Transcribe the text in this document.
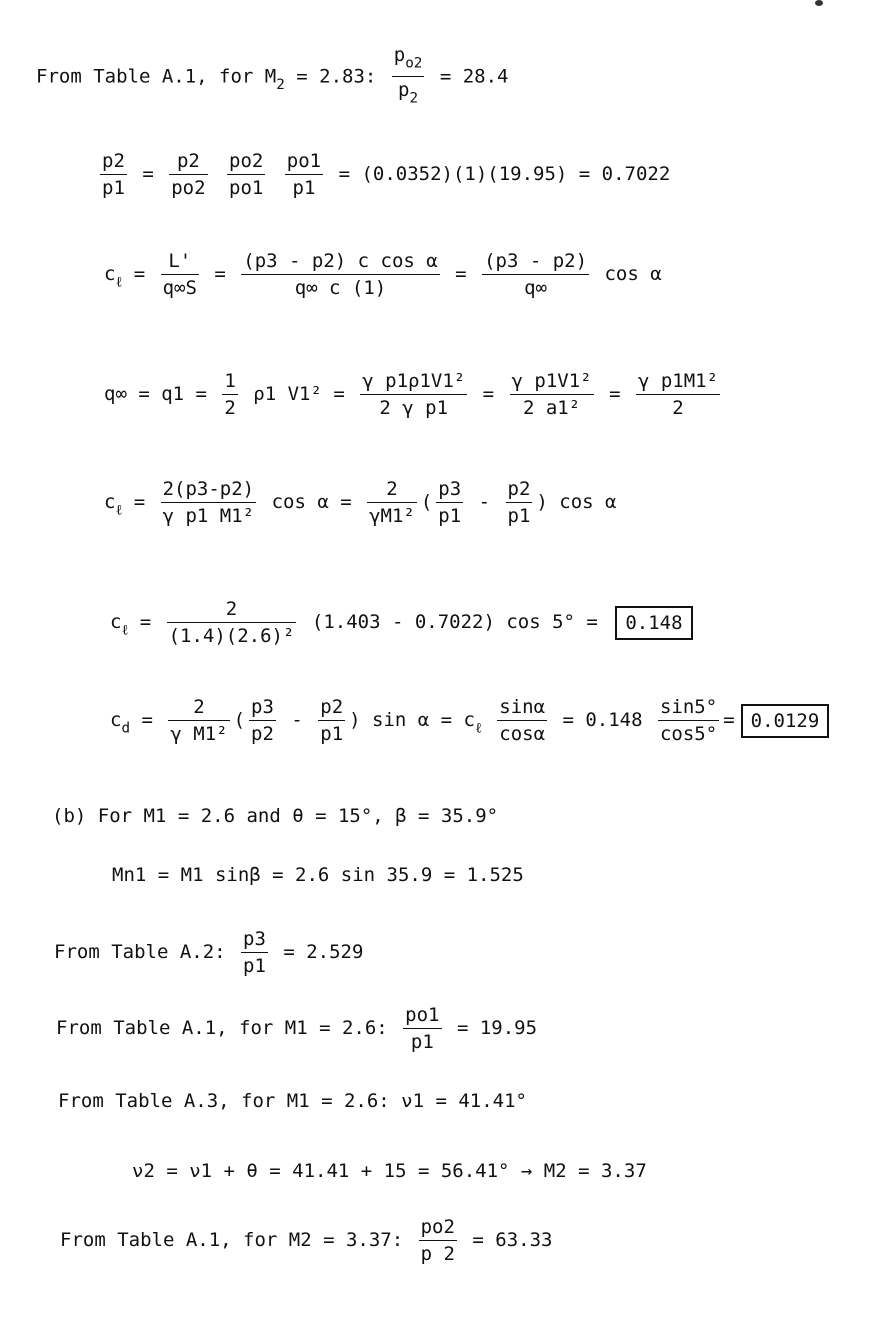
From Table A.1, for $M_2 = 2.83$: $\frac{p_{o2}}{p_2} = 28.4$
$\frac{p2}{p1} = \frac{p2}{po2}$
$\frac{po2}{po1}$
$\frac{po1}{p1} = (0.0352)(1)(19.95) = 0.7022$
$c_\ell = \frac{L'}{q\infty S} = \frac{\text{(p3 - p2) c cos α}}{q\infty c (1)} = \frac{(p3 - p2)}{q\infty}$ cos α
$q\infty = q1 = \frac{1}{2} \rho 1$ $V1^2 = \frac{\text{γ p1ρ1V1²}}{\text{2 γ p1}} = \frac{\text{γ p1V1²}}{\text{2 a1²}} = \frac{\text{γ p1M1²}}{2}$
$c_\ell = \frac{2(p3-p2)}{\text{γ p1 M1²}}$ $\cos \alpha = \frac{2}{\text{γM1²}}$ ( $\frac{p3}{p1} - \frac{p2}{p1}$ ) cos α
$c_\ell = \frac{2}{\text{(1.4)(2.6)²}} (1.403 - 0.7022)$ cos 5° = 0.148
$c_d = \frac{2}{\text{γ M1²}}$ ( $\frac{p3}{p2} - \frac{p2}{p1}$ ) $\sin \alpha = c_\ell \frac{\sin\alpha}{\cos\alpha} = 0.148 \frac{\sin 5^\circ}{\cos 5^\circ} = 0.0129$
(b) For M1 = 2.6 and θ = 15°, β = 35.9°
Mn1 = M1 sinβ = 2.6 sin 35.9 = 1.525
From Table A.2: $\frac{p3}{p1} = 2.529$
From Table A.1, for M1 = 2.6: $\frac{po1}{p1} = 19.95$
From Table A.3, for M1 = 2.6: ν1 = 41.41°
ν2 = ν1 + θ = 41.41 + 15 = 56.41° → M2 = 3.37
From Table A.1, for M2 = 3.37: $\frac{po2}{p 2} = 63.33$
